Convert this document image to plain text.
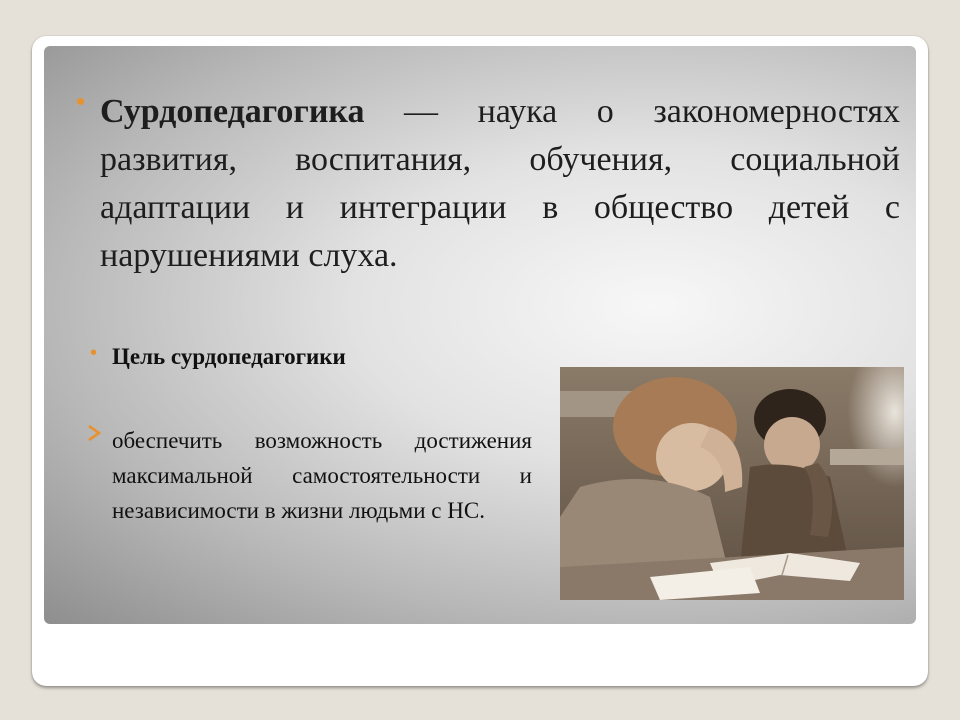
• Сурдопедагогика — наука о закономерностях развития, воспитания, обучения, социальной адаптации и интеграции в общество детей с нарушениями слуха.

• Цель сурдопедагогики

обеспечить возможность достижения максимальной самостоятельности и независимости в жизни людьми с НС.
